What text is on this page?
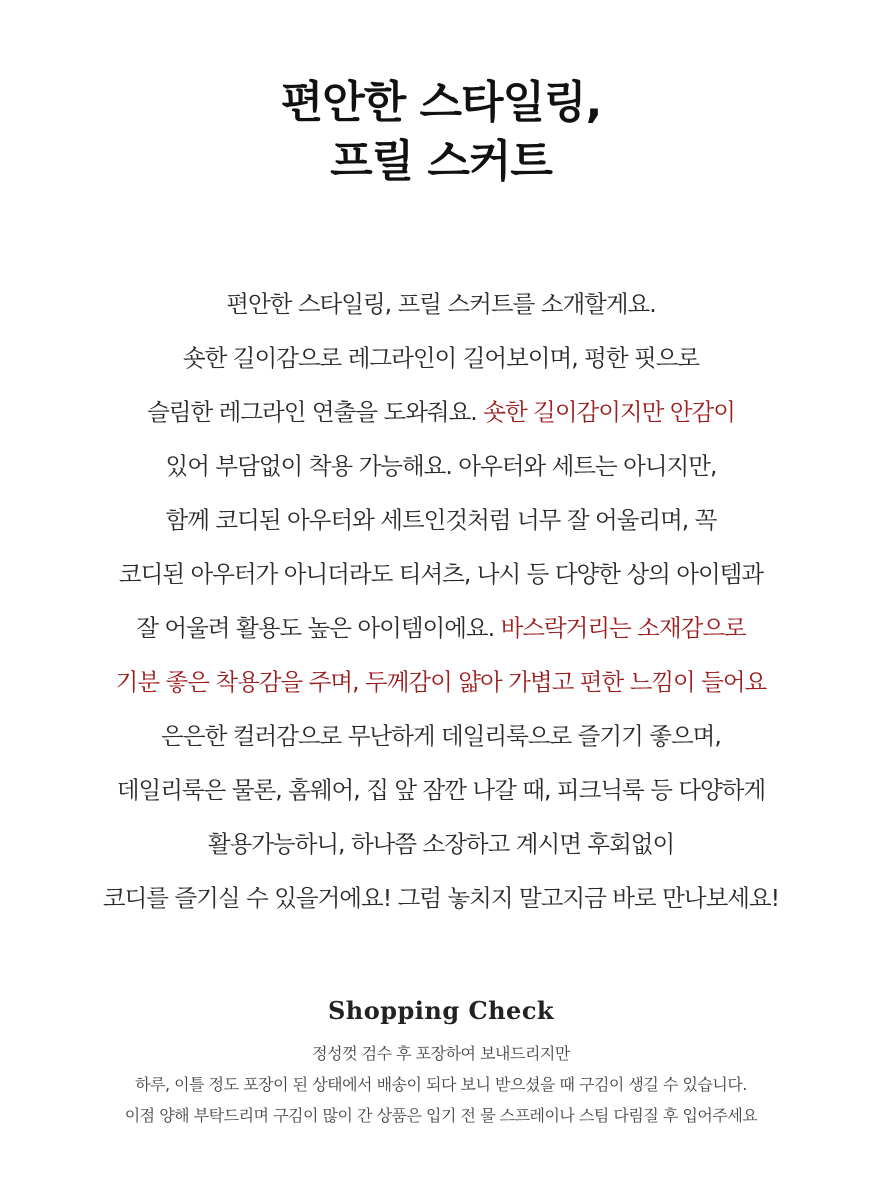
편안한 스타일링,
프릴 스커트
편안한 스타일링, 프릴 스커트를 소개할게요.
숏한 길이감으로 레그라인이 길어보이며, 펑한 핏으로
슬림한 레그라인 연출을 도와줘요. 숏한 길이감이지만 안감이
있어 부담없이 착용 가능해요. 아우터와 세트는 아니지만,
함께 코디된 아우터와 세트인것처럼 너무 잘 어울리며, 꼭
코디된 아우터가 아니더라도 티셔츠, 나시 등 다양한 상의 아이템과
잘 어울려 활용도 높은 아이템이에요. 바스락거리는 소재감으로
기분 좋은 착용감을 주며, 두께감이 얇아 가볍고 편한 느낌이 들어요
은은한 컬러감으로 무난하게 데일리룩으로 즐기기 좋으며,
데일리룩은 물론, 홈웨어, 집 앞 잠깐 나갈 때, 피크닉룩 등 다양하게
활용가능하니, 하나쯤 소장하고 계시면 후회없이
코디를 즐기실 수 있을거에요! 그럼 놓치지 말고지금 바로 만나보세요!
Shopping Check
정성껏 검수 후 포장하여 보내드리지만
하루, 이틀 정도 포장이 된 상태에서 배송이 되다 보니 받으셨을 때 구김이 생길 수 있습니다.
이점 양해 부탁드리며 구김이 많이 간 상품은 입기 전 물 스프레이나 스팀 다림질 후 입어주세요
